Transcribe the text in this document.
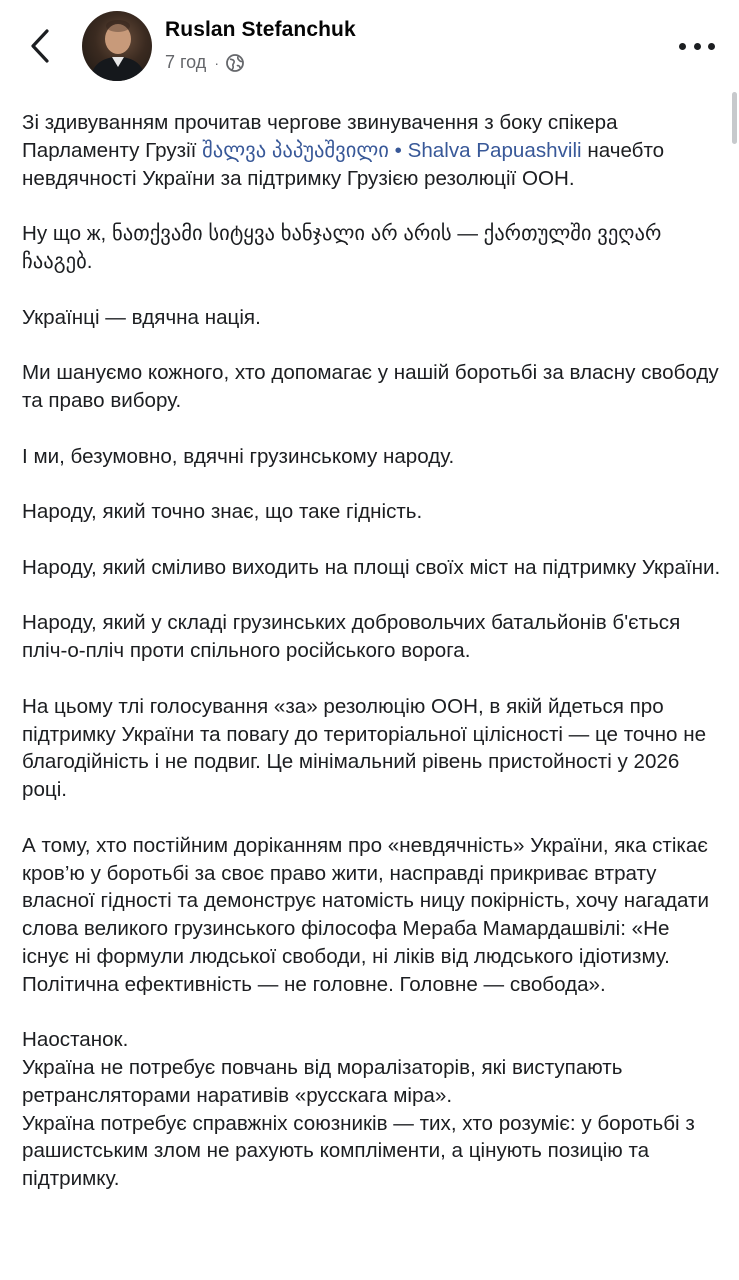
Ruslan Stefanchuk
7 год ·

Зі здивуванням прочитав чергове звинувачення з боку спікера Парламенту Грузії შალვა პაპუაშვილი • Shalva Papuashvili начебто невдячності України за підтримку Грузією резолюції ООН.

Ну що ж, ნათქვამი სიტყვა ხანჯალი არ არის — ქართულში ვეღარ ჩააგებ.

Українці — вдячна нація.

Ми шануємо кожного, хто допомагає у нашій боротьбі за власну свободу та право вибору.

І ми, безумовно, вдячні грузинському народу.

Народу, який точно знає, що таке гідність.

Народу, який сміливо виходить на площі своїх міст на підтримку України.

Народу, який у складі грузинських добровольчих батальйонів б'ється пліч-о-пліч проти спільного російського ворога.

На цьому тлі голосування «за» резолюцію ООН, в якій йдеться про підтримку України та повагу до територіальної цілісності — це точно не благодійність і не подвиг. Це мінімальний рівень пристойності у 2026 році.

А тому, хто постійним доріканням про «невдячність» України, яка стікає кров’ю у боротьбі за своє право жити, насправді прикриває втрату власної гідності та демонструє натомість ницу покірність, хочу нагадати слова великого грузинського філософа Мераба Мамардашвілі: «Не існує ні формули людської свободи, ні ліків від людського ідіотизму. Політична ефективність — не головне. Головне — свобода».

Наостанок.
Україна не потребує повчань від моралізаторів, які виступають ретрансляторами наративів «русскага міра».
Україна потребує справжніх союзників — тих, хто розуміє: у боротьбі з рашистським злом не рахують компліменти, а цінують позицію та підтримку.
